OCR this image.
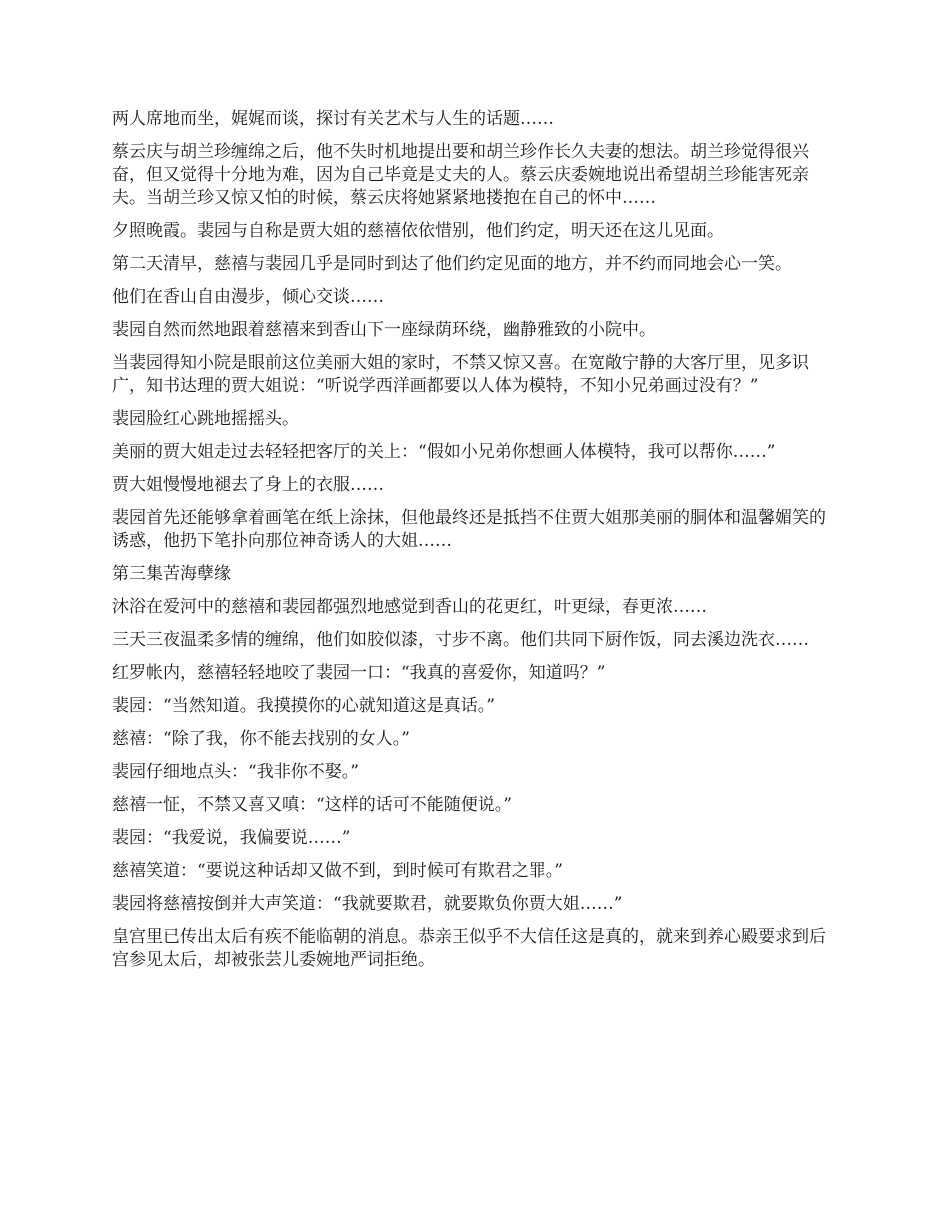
两人席地而坐，娓娓而谈，探讨有关艺术与人生的话题……

蔡云庆与胡兰珍缠绵之后，他不失时机地提出要和胡兰珍作长久夫妻的想法。胡兰珍觉得很兴奋，但又觉得十分地为难，因为自己毕竟是丈夫的人。蔡云庆委婉地说出希望胡兰珍能害死亲夫。当胡兰珍又惊又怕的时候，蔡云庆将她紧紧地搂抱在自己的怀中……

夕照晚霞。裴园与自称是贾大姐的慈禧依依惜别，他们约定，明天还在这儿见面。

第二天清早，慈禧与裴园几乎是同时到达了他们约定见面的地方，并不约而同地会心一笑。

他们在香山自由漫步，倾心交谈……

裴园自然而然地跟着慈禧来到香山下一座绿荫环绕，幽静雅致的小院中。

当裴园得知小院是眼前这位美丽大姐的家时，不禁又惊又喜。在宽敞宁静的大客厅里，见多识广，知书达理的贾大姐说：“听说学西洋画都要以人体为模特，不知小兄弟画过没有？”

裴园脸红心跳地摇摇头。

美丽的贾大姐走过去轻轻把客厅的关上：“假如小兄弟你想画人体模特，我可以帮你……”

贾大姐慢慢地褪去了身上的衣服……

裴园首先还能够拿着画笔在纸上涂抹，但他最终还是抵挡不住贾大姐那美丽的胴体和温馨媚笑的诱惑，他扔下笔扑向那位神奇诱人的大姐……

第三集苦海孽缘

沐浴在爱河中的慈禧和裴园都强烈地感觉到香山的花更红，叶更绿，春更浓……

三天三夜温柔多情的缠绵，他们如胶似漆，寸步不离。他们共同下厨作饭，同去溪边洗衣……

红罗帐内，慈禧轻轻地咬了裴园一口：“我真的喜爱你，知道吗？”

裴园：“当然知道。我摸摸你的心就知道这是真话。”

慈禧：“除了我，你不能去找别的女人。”

裴园仔细地点头：“我非你不娶。”

慈禧一怔，不禁又喜又嗔：“这样的话可不能随便说。”

裴园：“我爱说，我偏要说……”

慈禧笑道：“要说这种话却又做不到，到时候可有欺君之罪。”

裴园将慈禧按倒并大声笑道：“我就要欺君，就要欺负你贾大姐……”

皇宫里已传出太后有疾不能临朝的消息。恭亲王似乎不大信任这是真的，就来到养心殿要求到后宫参见太后，却被张芸儿委婉地严词拒绝。
